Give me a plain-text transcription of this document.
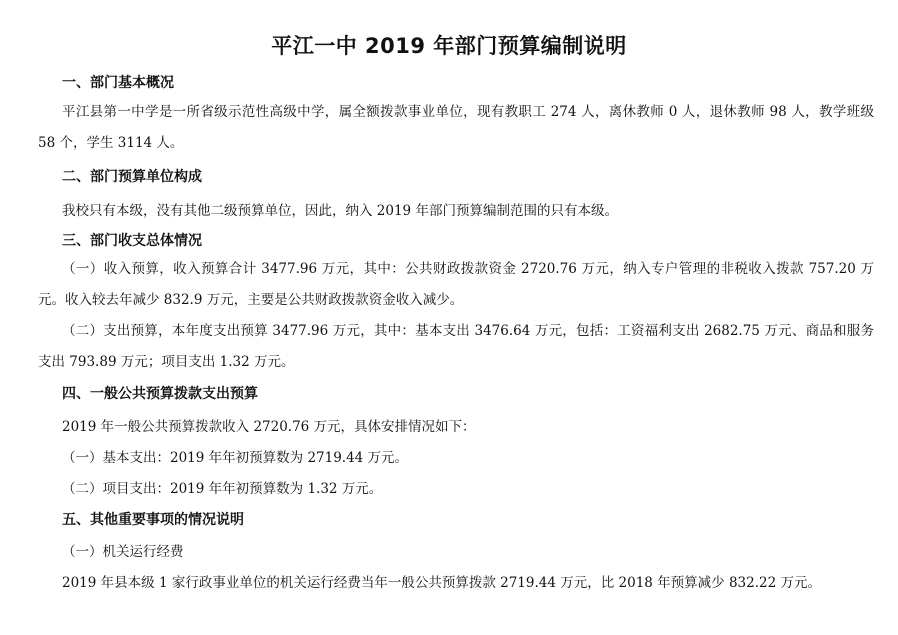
平江一中 2019 年部门预算编制说明
一、部门基本概况

平江县第一中学是一所省级示范性高级中学，属全额拨款事业单位，现有教职工 274 人，离休教师 0 人，退休教师 98 人，教学班级 58 个，学生 3114 人。

二、部门预算单位构成

我校只有本级，没有其他二级预算单位，因此，纳入 2019 年部门预算编制范围的只有本级。

三、部门收支总体情况

（一）收入预算，收入预算合计 3477.96 万元，其中：公共财政拨款资金 2720.76 万元，纳入专户管理的非税收入拨款 757.20 万元。收入较去年减少 832.9 万元，主要是公共财政拨款资金收入减少。

（二）支出预算，本年度支出预算 3477.96 万元，其中：基本支出 3476.64 万元，包括：工资福利支出 2682.75 万元、商品和服务支出 793.89 万元；项目支出 1.32 万元。

四、一般公共预算拨款支出预算

2019 年一般公共预算拨款收入 2720.76 万元，具体安排情况如下：

（一）基本支出：2019 年年初预算数为 2719.44 万元。

（二）项目支出：2019 年年初预算数为 1.32 万元。

五、其他重要事项的情况说明

（一）机关运行经费

2019 年县本级 1 家行政事业单位的机关运行经费当年一般公共预算拨款 2719.44 万元，比 2018 年预算减少 832.22 万元。
